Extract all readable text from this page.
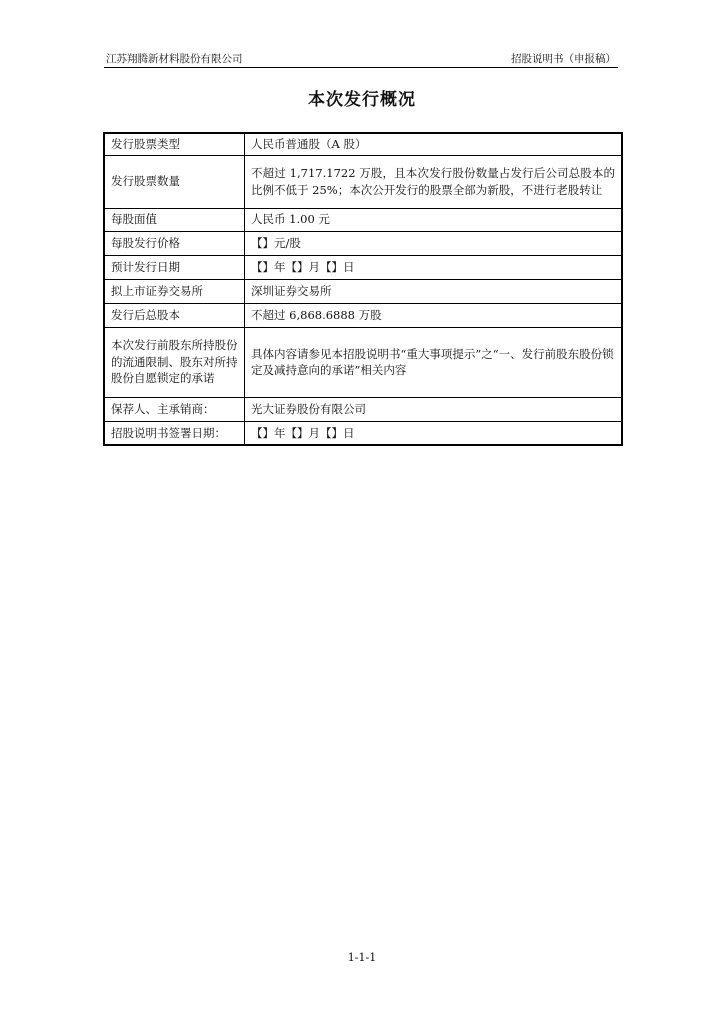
江苏翔腾新材料股份有限公司	招股说明书（申报稿）
本次发行概况
发行股票类型	人民币普通股（A 股）
发行股票数量	不超过 1,717.1722 万股，且本次发行股份数量占发行后公司总股本的比例不低于 25%；本次公开发行的股票全部为新股，不进行老股转让
每股面值	人民币 1.00 元
每股发行价格	【】元/股
预计发行日期	【】年【】月【】日
拟上市证券交易所	深圳证券交易所
发行后总股本	不超过 6,868.6888 万股
本次发行前股东所持股份的流通限制、股东对所持股份自愿锁定的承诺	具体内容请参见本招股说明书“重大事项提示”之“一、发行前股东股份锁定及减持意向的承诺”相关内容
保荐人、主承销商：	光大证券股份有限公司
招股说明书签署日期：	【】年【】月【】日
1-1-1
